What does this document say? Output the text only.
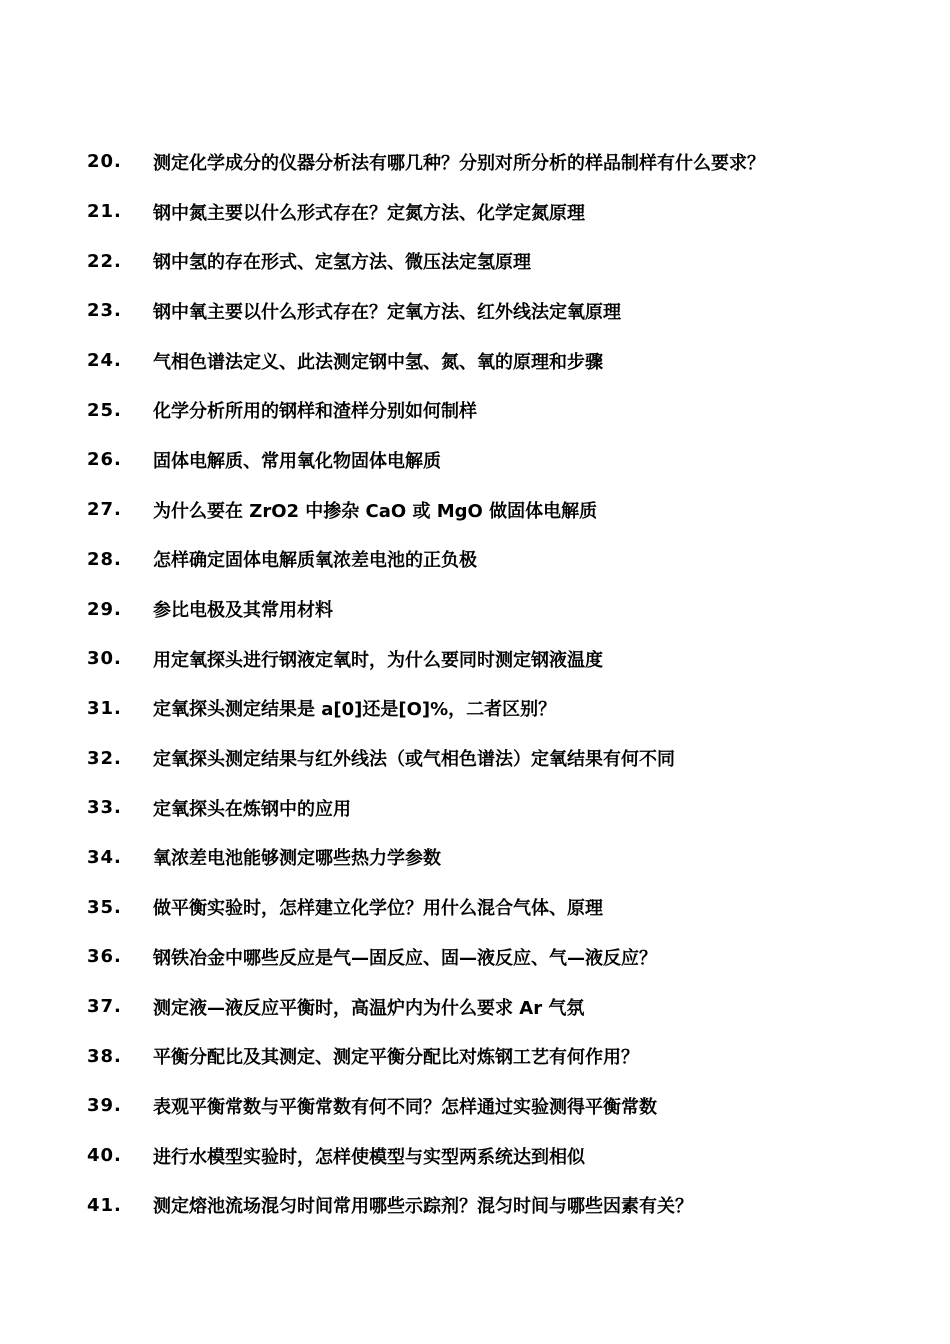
20.	测定化学成分的仪器分析法有哪几种？分别对所分析的样品制样有什么要求？
21.	钢中氮主要以什么形式存在？定氮方法、化学定氮原理
22.	钢中氢的存在形式、定氢方法、微压法定氢原理
23.	钢中氧主要以什么形式存在？定氧方法、红外线法定氧原理
24.	气相色谱法定义、此法测定钢中氢、氮、氧的原理和步骤
25.	化学分析所用的钢样和渣样分别如何制样
26.	固体电解质、常用氧化物固体电解质
27.	为什么要在 ZrO2 中掺杂 CaO 或 MgO 做固体电解质
28.	怎样确定固体电解质氧浓差电池的正负极
29.	参比电极及其常用材料
30.	用定氧探头进行钢液定氧时，为什么要同时测定钢液温度
31.	定氧探头测定结果是 a[0]还是[O]%，二者区别？
32.	定氧探头测定结果与红外线法（或气相色谱法）定氧结果有何不同
33.	定氧探头在炼钢中的应用
34.	氧浓差电池能够测定哪些热力学参数
35.	做平衡实验时，怎样建立化学位？用什么混合气体、原理
36.	钢铁冶金中哪些反应是气—固反应、固—液反应、气—液反应？
37.	测定液—液反应平衡时，高温炉内为什么要求 Ar 气氛
38.	平衡分配比及其测定、测定平衡分配比对炼钢工艺有何作用？
39.	表观平衡常数与平衡常数有何不同？怎样通过实验测得平衡常数
40.	进行水模型实验时，怎样使模型与实型两系统达到相似
41.	测定熔池流场混匀时间常用哪些示踪剂？混匀时间与哪些因素有关？
